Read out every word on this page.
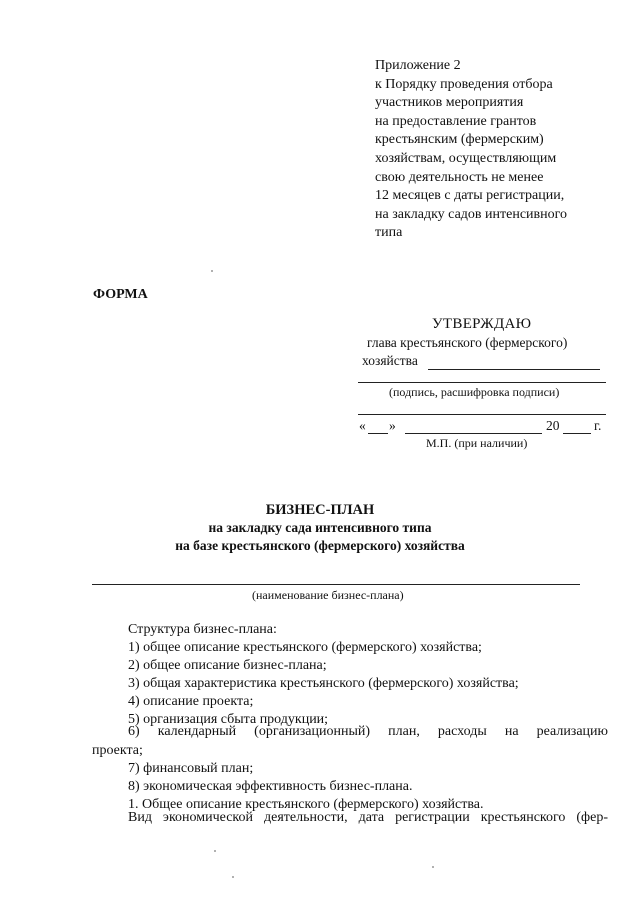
Приложение 2
к Порядку проведения отбора
участников мероприятия
на предоставление грантов
крестьянским (фермерским)
хозяйствам, осуществляющим
свою деятельность не менее
12 месяцев с даты регистрации,
на закладку садов интенсивного
типа
ФОРМА
УТВЕРЖДАЮ
глава крестьянского (фермерского)
хозяйства
(подпись, расшифровка подписи)
« »	20	г.
М.П. (при наличии)
БИЗНЕС-ПЛАН
на закладку сада интенсивного типа
на базе крестьянского (фермерского) хозяйства
(наименование бизнес-плана)
Структура бизнес-плана:
1) общее описание крестьянского (фермерского) хозяйства;
2) общее описание бизнес-плана;
3) общая характеристика крестьянского (фермерского) хозяйства;
4) описание проекта;
5) организация сбыта продукции;
6) календарный (организационный) план, расходы на реализацию
проекта;
7) финансовый план;
8) экономическая эффективность бизнес-плана.
1. Общее описание крестьянского (фермерского) хозяйства.
Вид экономической деятельности, дата регистрации крестьянского (фер-
